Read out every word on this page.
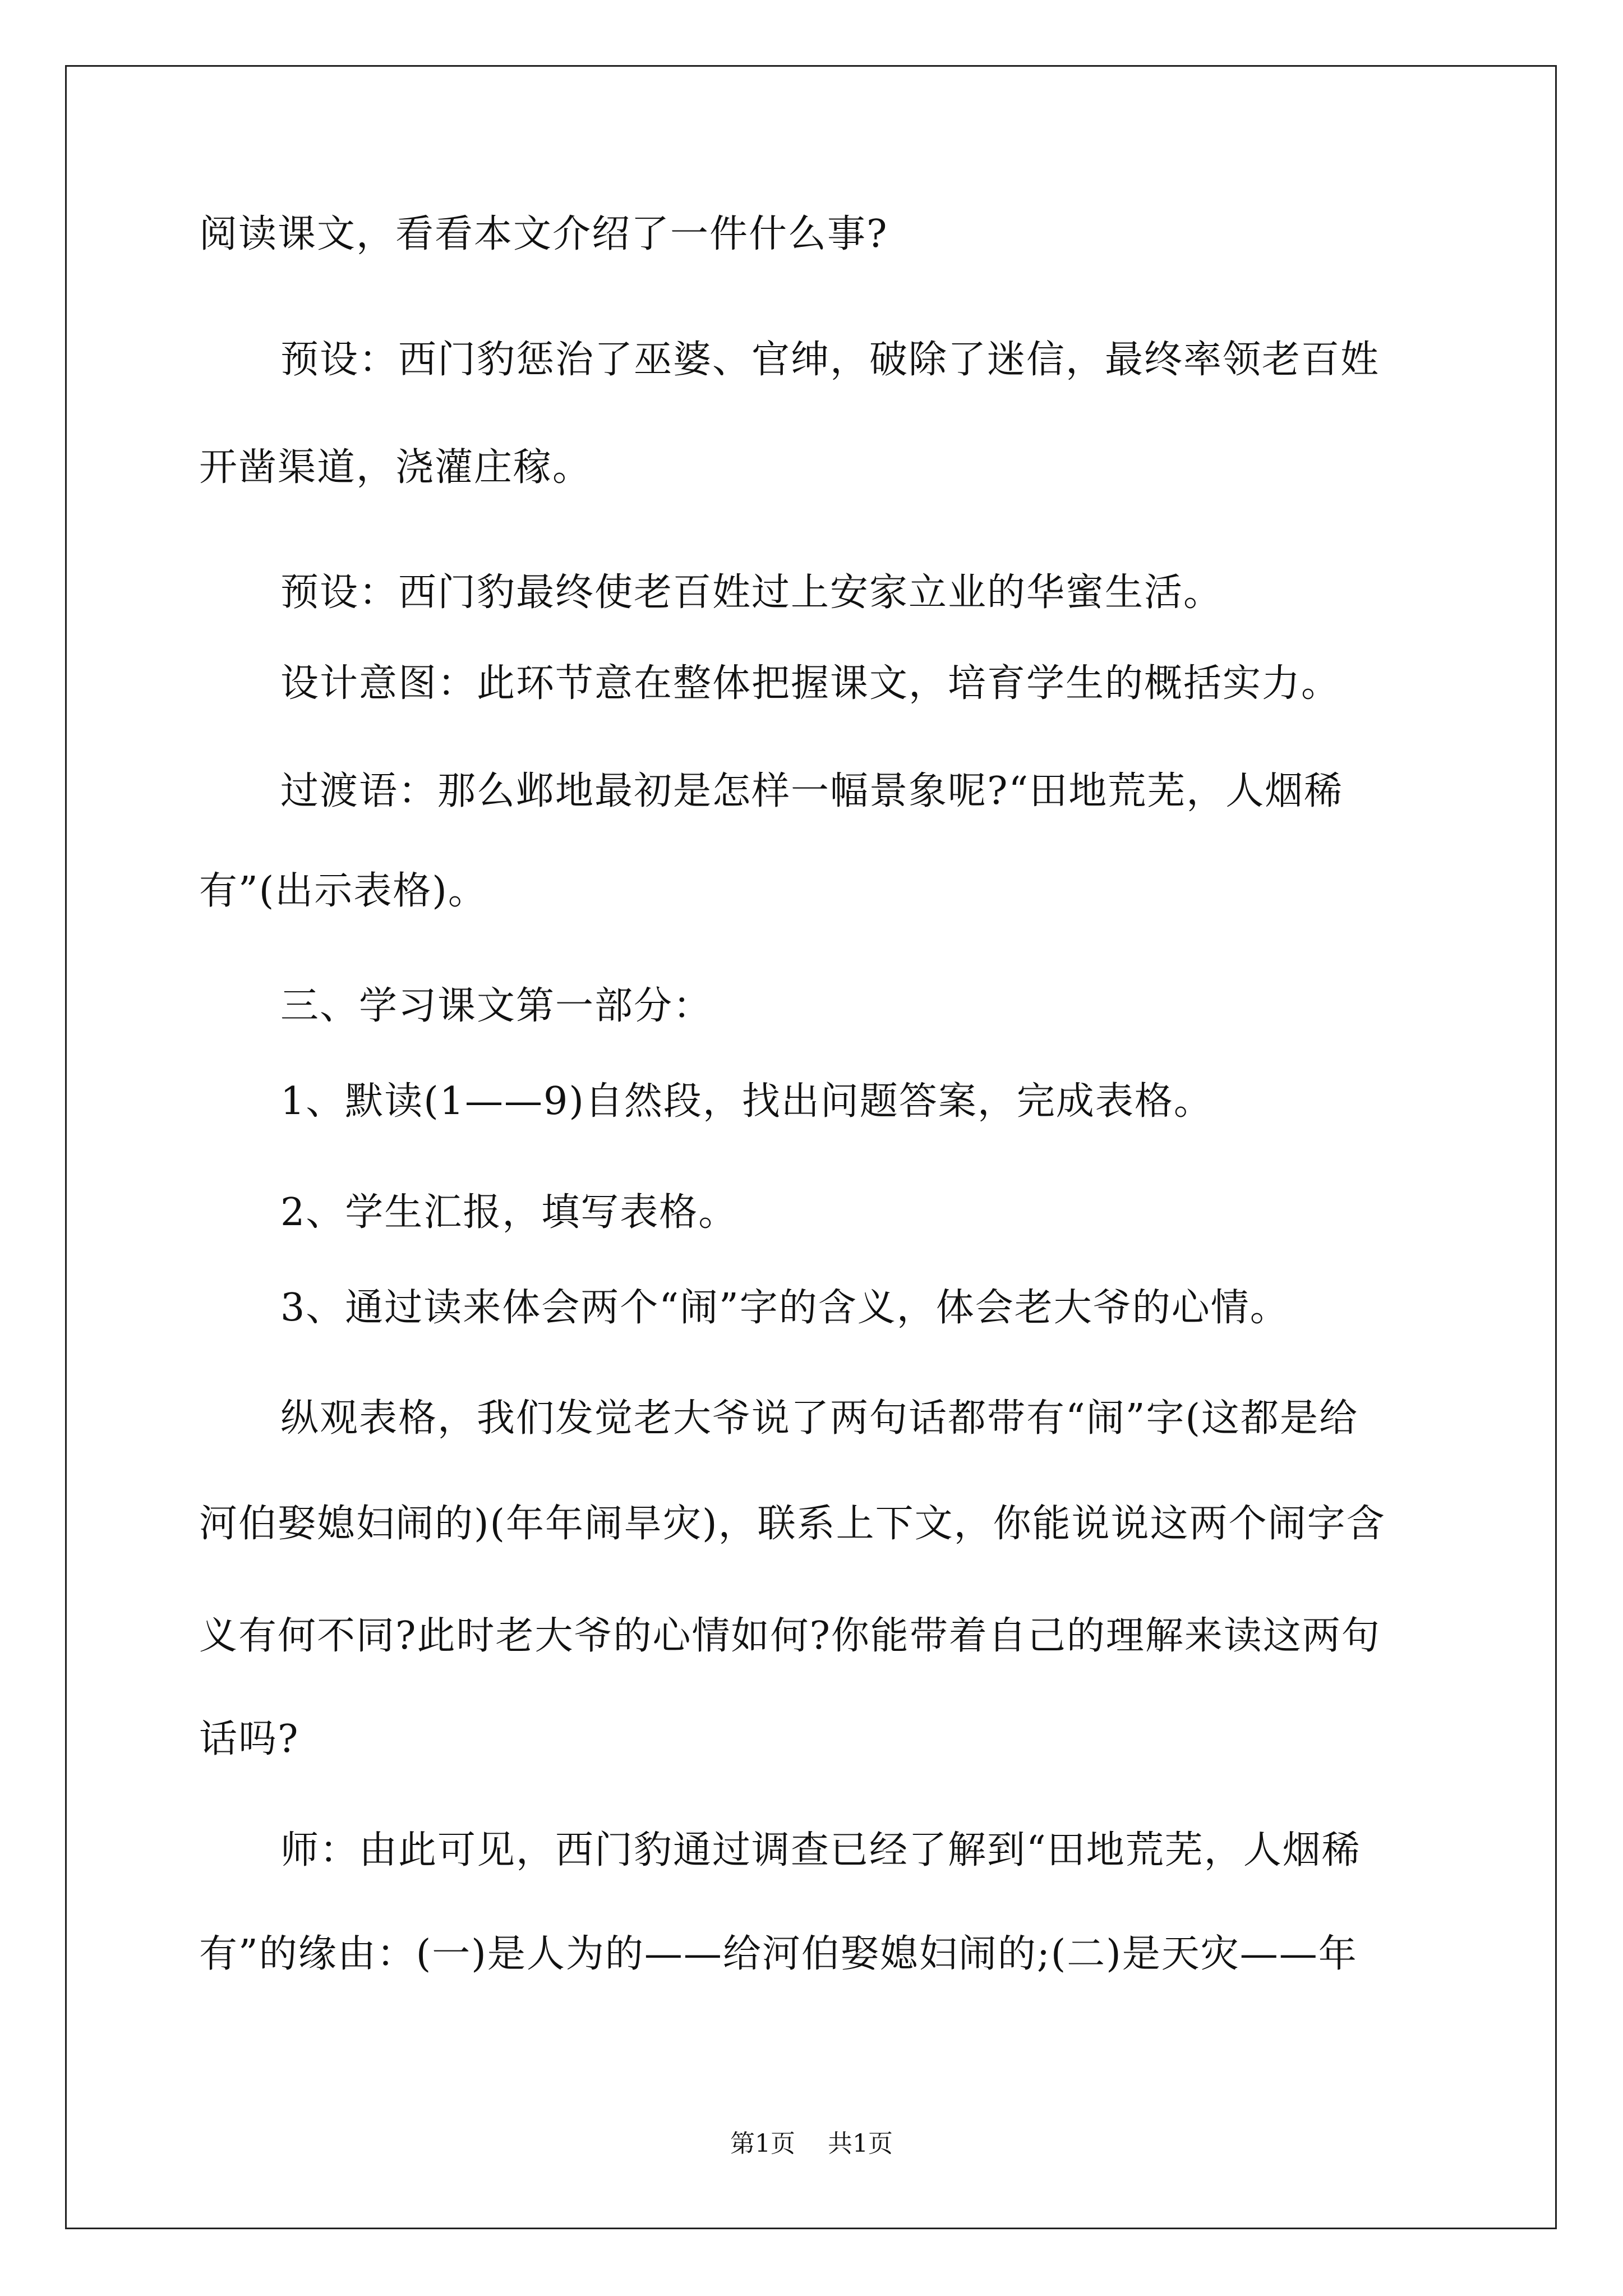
阅读课文，看看本文介绍了一件什么事?
预设：西门豹惩治了巫婆、官绅，破除了迷信，最终率领老百姓
开凿渠道，浇灌庄稼。
预设：西门豹最终使老百姓过上安家立业的华蜜生活。
设计意图：此环节意在整体把握课文，培育学生的概括实力。
过渡语：那么邺地最初是怎样一幅景象呢?“田地荒芜，人烟稀
有”(出示表格)。
三、学习课文第一部分：
1、默读(1——9)自然段，找出问题答案，完成表格。
2、学生汇报，填写表格。
3、通过读来体会两个“闹”字的含义，体会老大爷的心情。
纵观表格，我们发觉老大爷说了两句话都带有“闹”字(这都是给
河伯娶媳妇闹的)(年年闹旱灾)，联系上下文，你能说说这两个闹字含
义有何不同?此时老大爷的心情如何?你能带着自己的理解来读这两句
话吗?
师：由此可见，西门豹通过调查已经了解到“田地荒芜，人烟稀
有”的缘由：(一)是人为的——给河伯娶媳妇闹的;(二)是天灾——年
第1页 共1页
